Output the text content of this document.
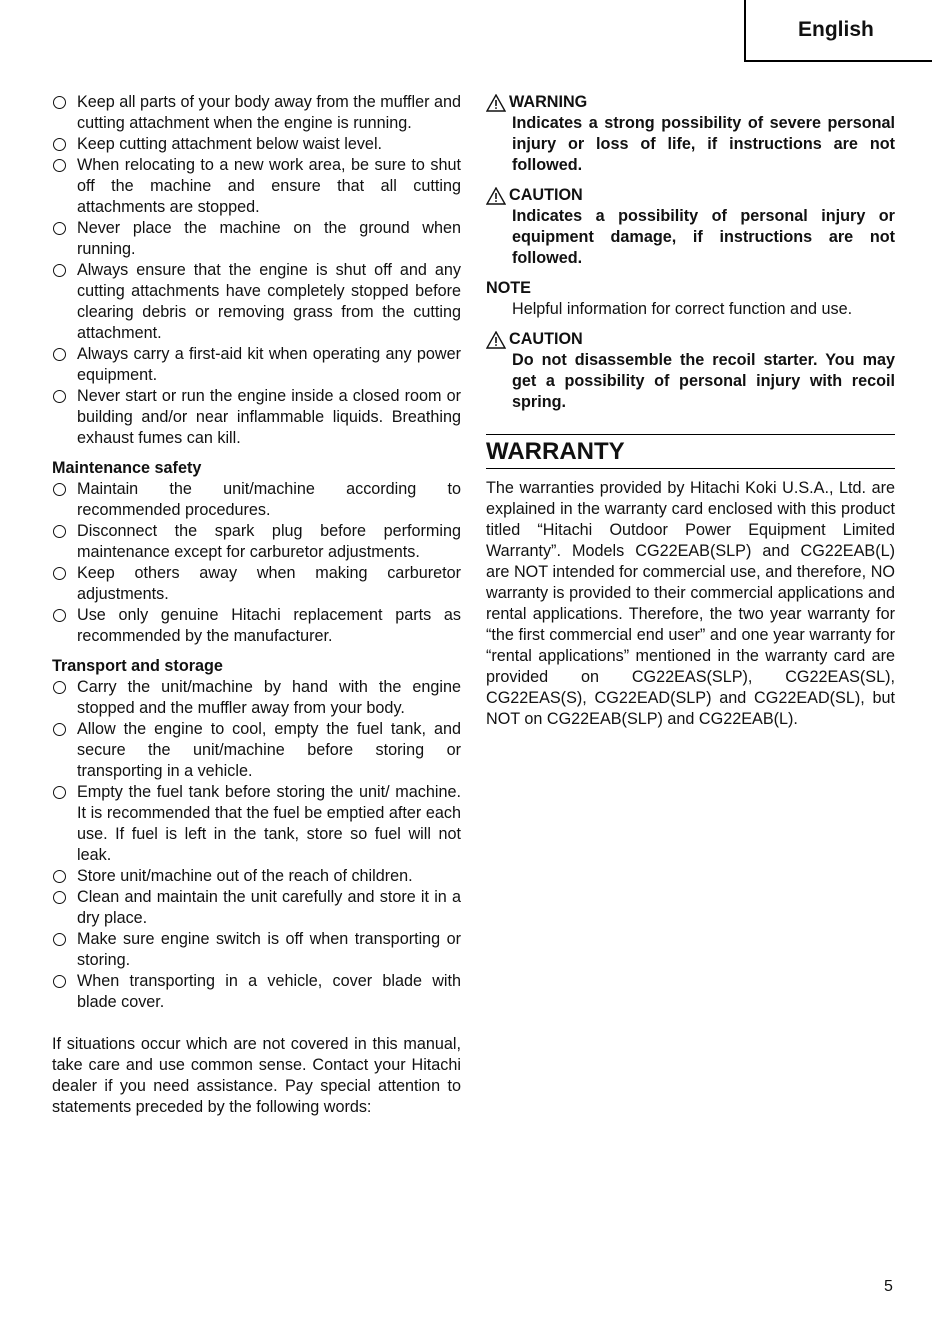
English
Keep all parts of your body away from the muffler and cutting attachment when the engine is running.
Keep cutting attachment below waist level.
When relocating to a new work area, be sure to shut off the machine and ensure that all cutting attachments are stopped.
Never place the machine on the ground when running.
Always ensure that the engine is shut off and any cutting attachments have completely stopped before clearing debris or removing grass from the cutting attachment.
Always carry a first-aid kit when operating any power equipment.
Never start or run the engine inside a closed room or building and/or near inflammable liquids. Breathing exhaust fumes can kill.
Maintenance safety
Maintain the unit/machine according to recommended procedures.
Disconnect the spark plug before performing maintenance except for carburetor adjustments.
Keep others away when making carburetor adjustments.
Use only genuine Hitachi replacement parts as recommended by the manufacturer.
Transport and storage
Carry the unit/machine by hand with the engine stopped and the muffler away from your body.
Allow the engine to cool, empty the fuel tank, and secure the unit/machine before storing or transporting in a vehicle.
Empty the fuel tank before storing the unit/ machine. It is recommended that the fuel be emptied after each use. If fuel is left in the tank, store so fuel will not leak.
Store unit/machine out of the reach of children.
Clean and maintain the unit carefully and store it in a dry place.
Make sure engine switch is off when transporting or storing.
When transporting in a vehicle, cover blade with blade cover.
If situations occur which are not covered in this manual, take care and use common sense. Contact your Hitachi dealer if you need assistance. Pay special attention to statements preceded by the following words:
WARNING
Indicates a strong possibility of severe personal injury or loss of life, if instructions are not followed.
CAUTION
Indicates a possibility of personal injury or equipment damage, if instructions are not followed.
NOTE
Helpful information for correct function and use.
CAUTION
Do not disassemble the recoil starter. You may get a possibility of personal injury with recoil spring.
WARRANTY
The warranties provided by Hitachi Koki U.S.A., Ltd. are explained in the warranty card enclosed with this product titled “Hitachi Outdoor Power Equipment Limited Warranty”. Models CG22EAB(SLP) and CG22EAB(L) are NOT intended for commercial use, and therefore, NO warranty is provided to their commercial applications and rental applications. Therefore, the two year warranty for “the first commercial end user” and one year warranty for “rental applications” mentioned in the warranty card are provided on CG22EAS(SLP), CG22EAS(SL), CG22EAS(S), CG22EAD(SLP) and CG22EAD(SL), but NOT on CG22EAB(SLP) and CG22EAB(L).
5
